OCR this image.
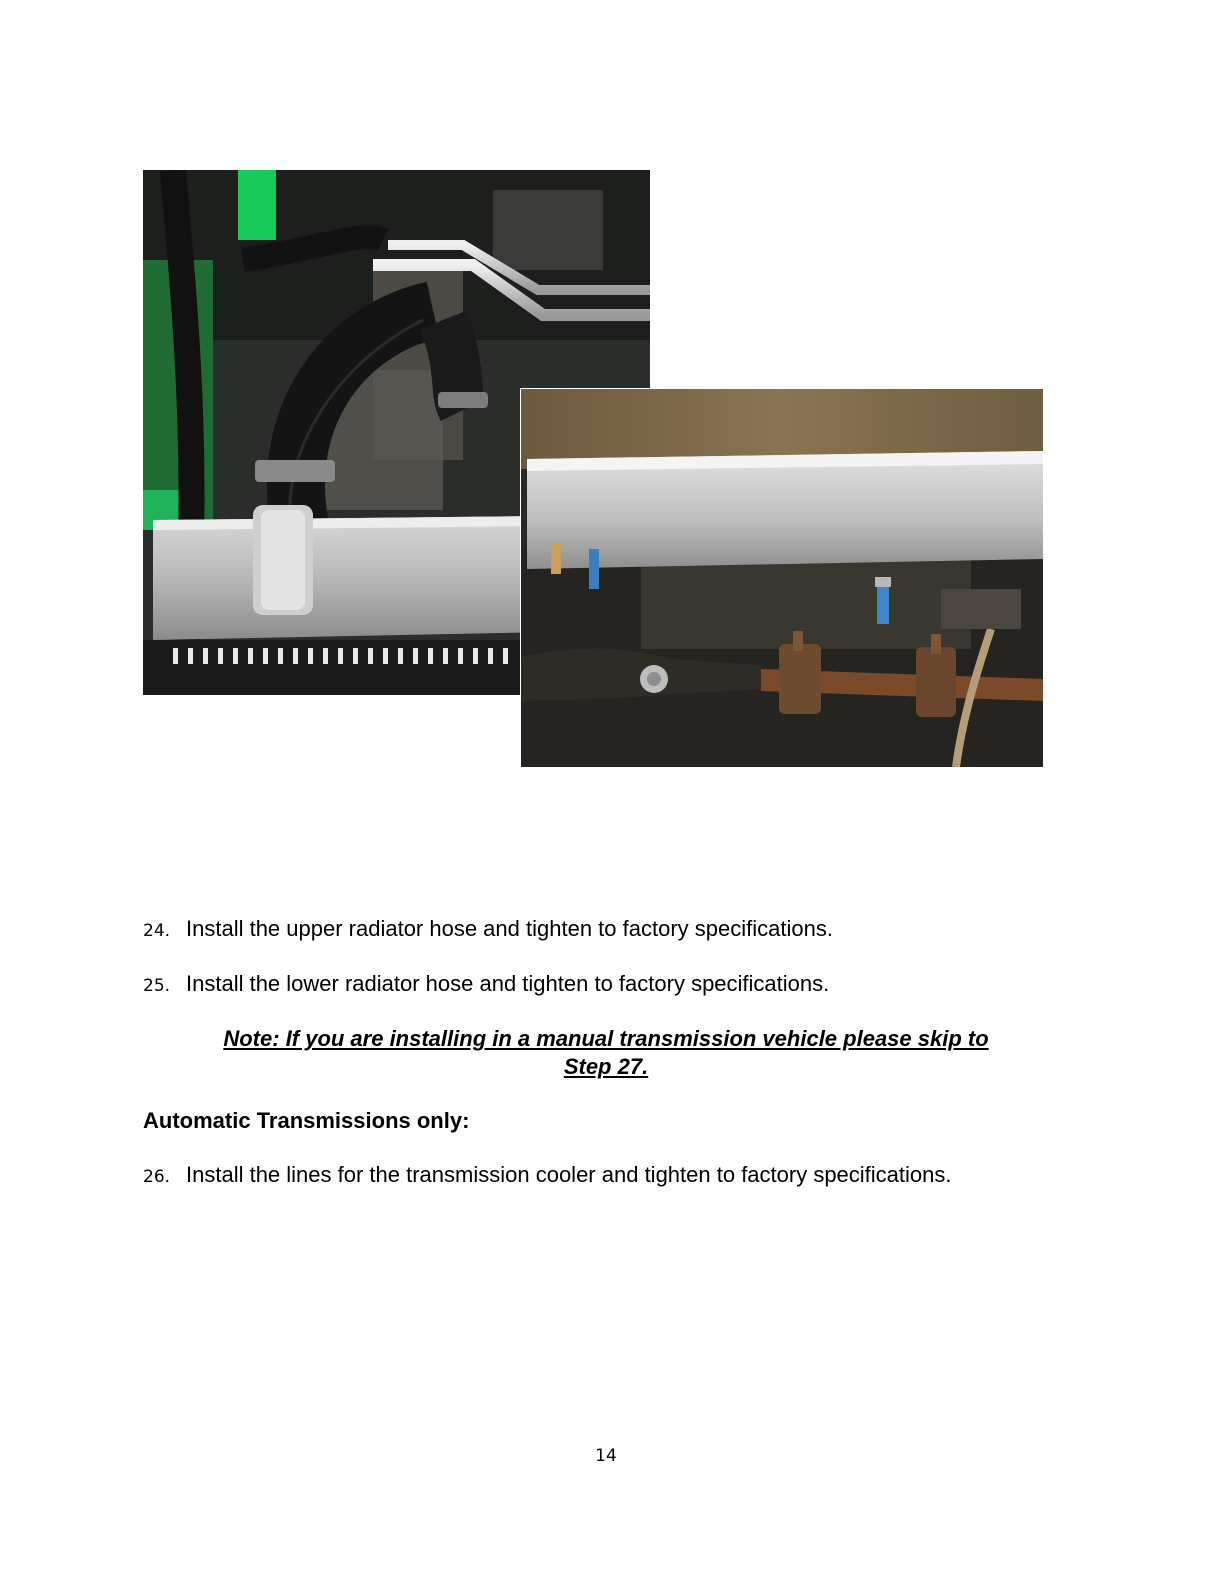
24. Install the upper radiator hose and tighten to factory specifications.
25. Install the lower radiator hose and tighten to factory specifications.
Note: If you are installing in a manual transmission vehicle please skip to
Step 27.
Automatic Transmissions only:
26. Install the lines for the transmission cooler and tighten to factory specifications.
14
